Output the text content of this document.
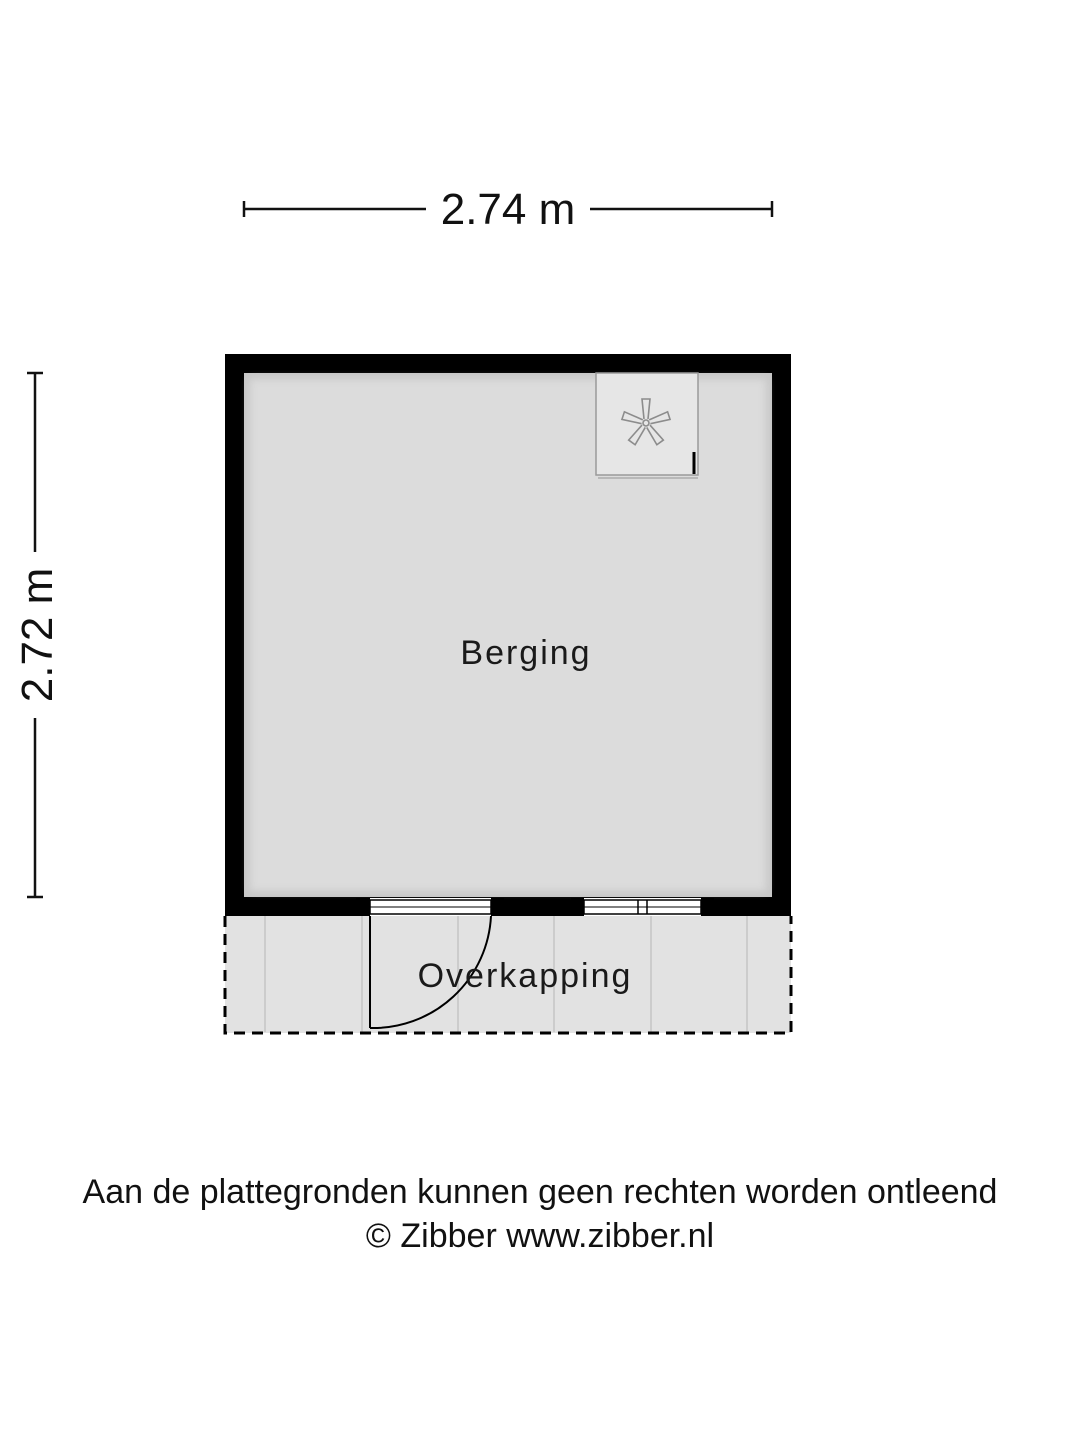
2.74 m
2.72 m	Berging
Overkapping
Aan de plattegronden kunnen geen rechten worden ontleend
© Zibber www.zibber.nl
